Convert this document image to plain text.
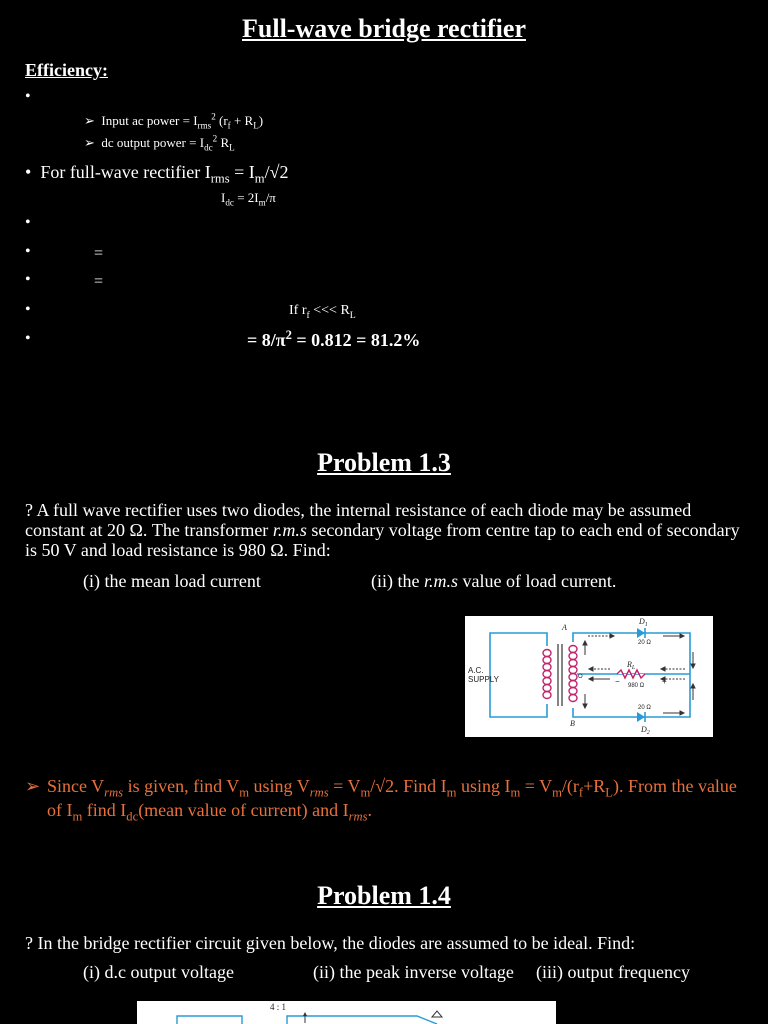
Full-wave bridge rectifier
Efficiency:
•
➢ Input ac power = $I_{rms}^2$ $(r_f + R_L)$
➢ dc output power = $I_{dc}^2$ $R_L$
• For full-wave rectifier $I_{rms} = I_m/√2$
$I_{dc} = 2I_m/\pi$
•
•	=
•	=
•	If $r_f$ <<< $R_L$
•	= $8/\pi^2 = 0.812 = 81.2\%$
Problem 1.3
? A full wave rectifier uses two diodes, the internal resistance of each diode may be assumed constant at 20 Ω. The transformer r.m.s secondary voltage from centre tap to each end of secondary is 50 V and load resistance is 980 Ω. Find:
(i) the mean load current	(ii) the r.m.s value of load current.
A.C.
SUPPLY
A
B
$D_1$
$D_2$
$R_L$
O
20 Ω
20 Ω
980 Ω +
−
Since $V_{rms}$ is given, find $V_m$ using $V_{rms} = V_m/√2$. Find $I_m$ using $I_m = V_m/(r_f+R_L)$. From the value of $I_m$ find $I_{dc}(mean$ value of current) and $I_{rms}$.
➢
Problem 1.4
? In the bridge rectifier circuit given below, the diodes are assumed to be ideal. Find:
(i) d.c output voltage	(ii) the peak inverse voltage (iii) output frequency
4 : 1
